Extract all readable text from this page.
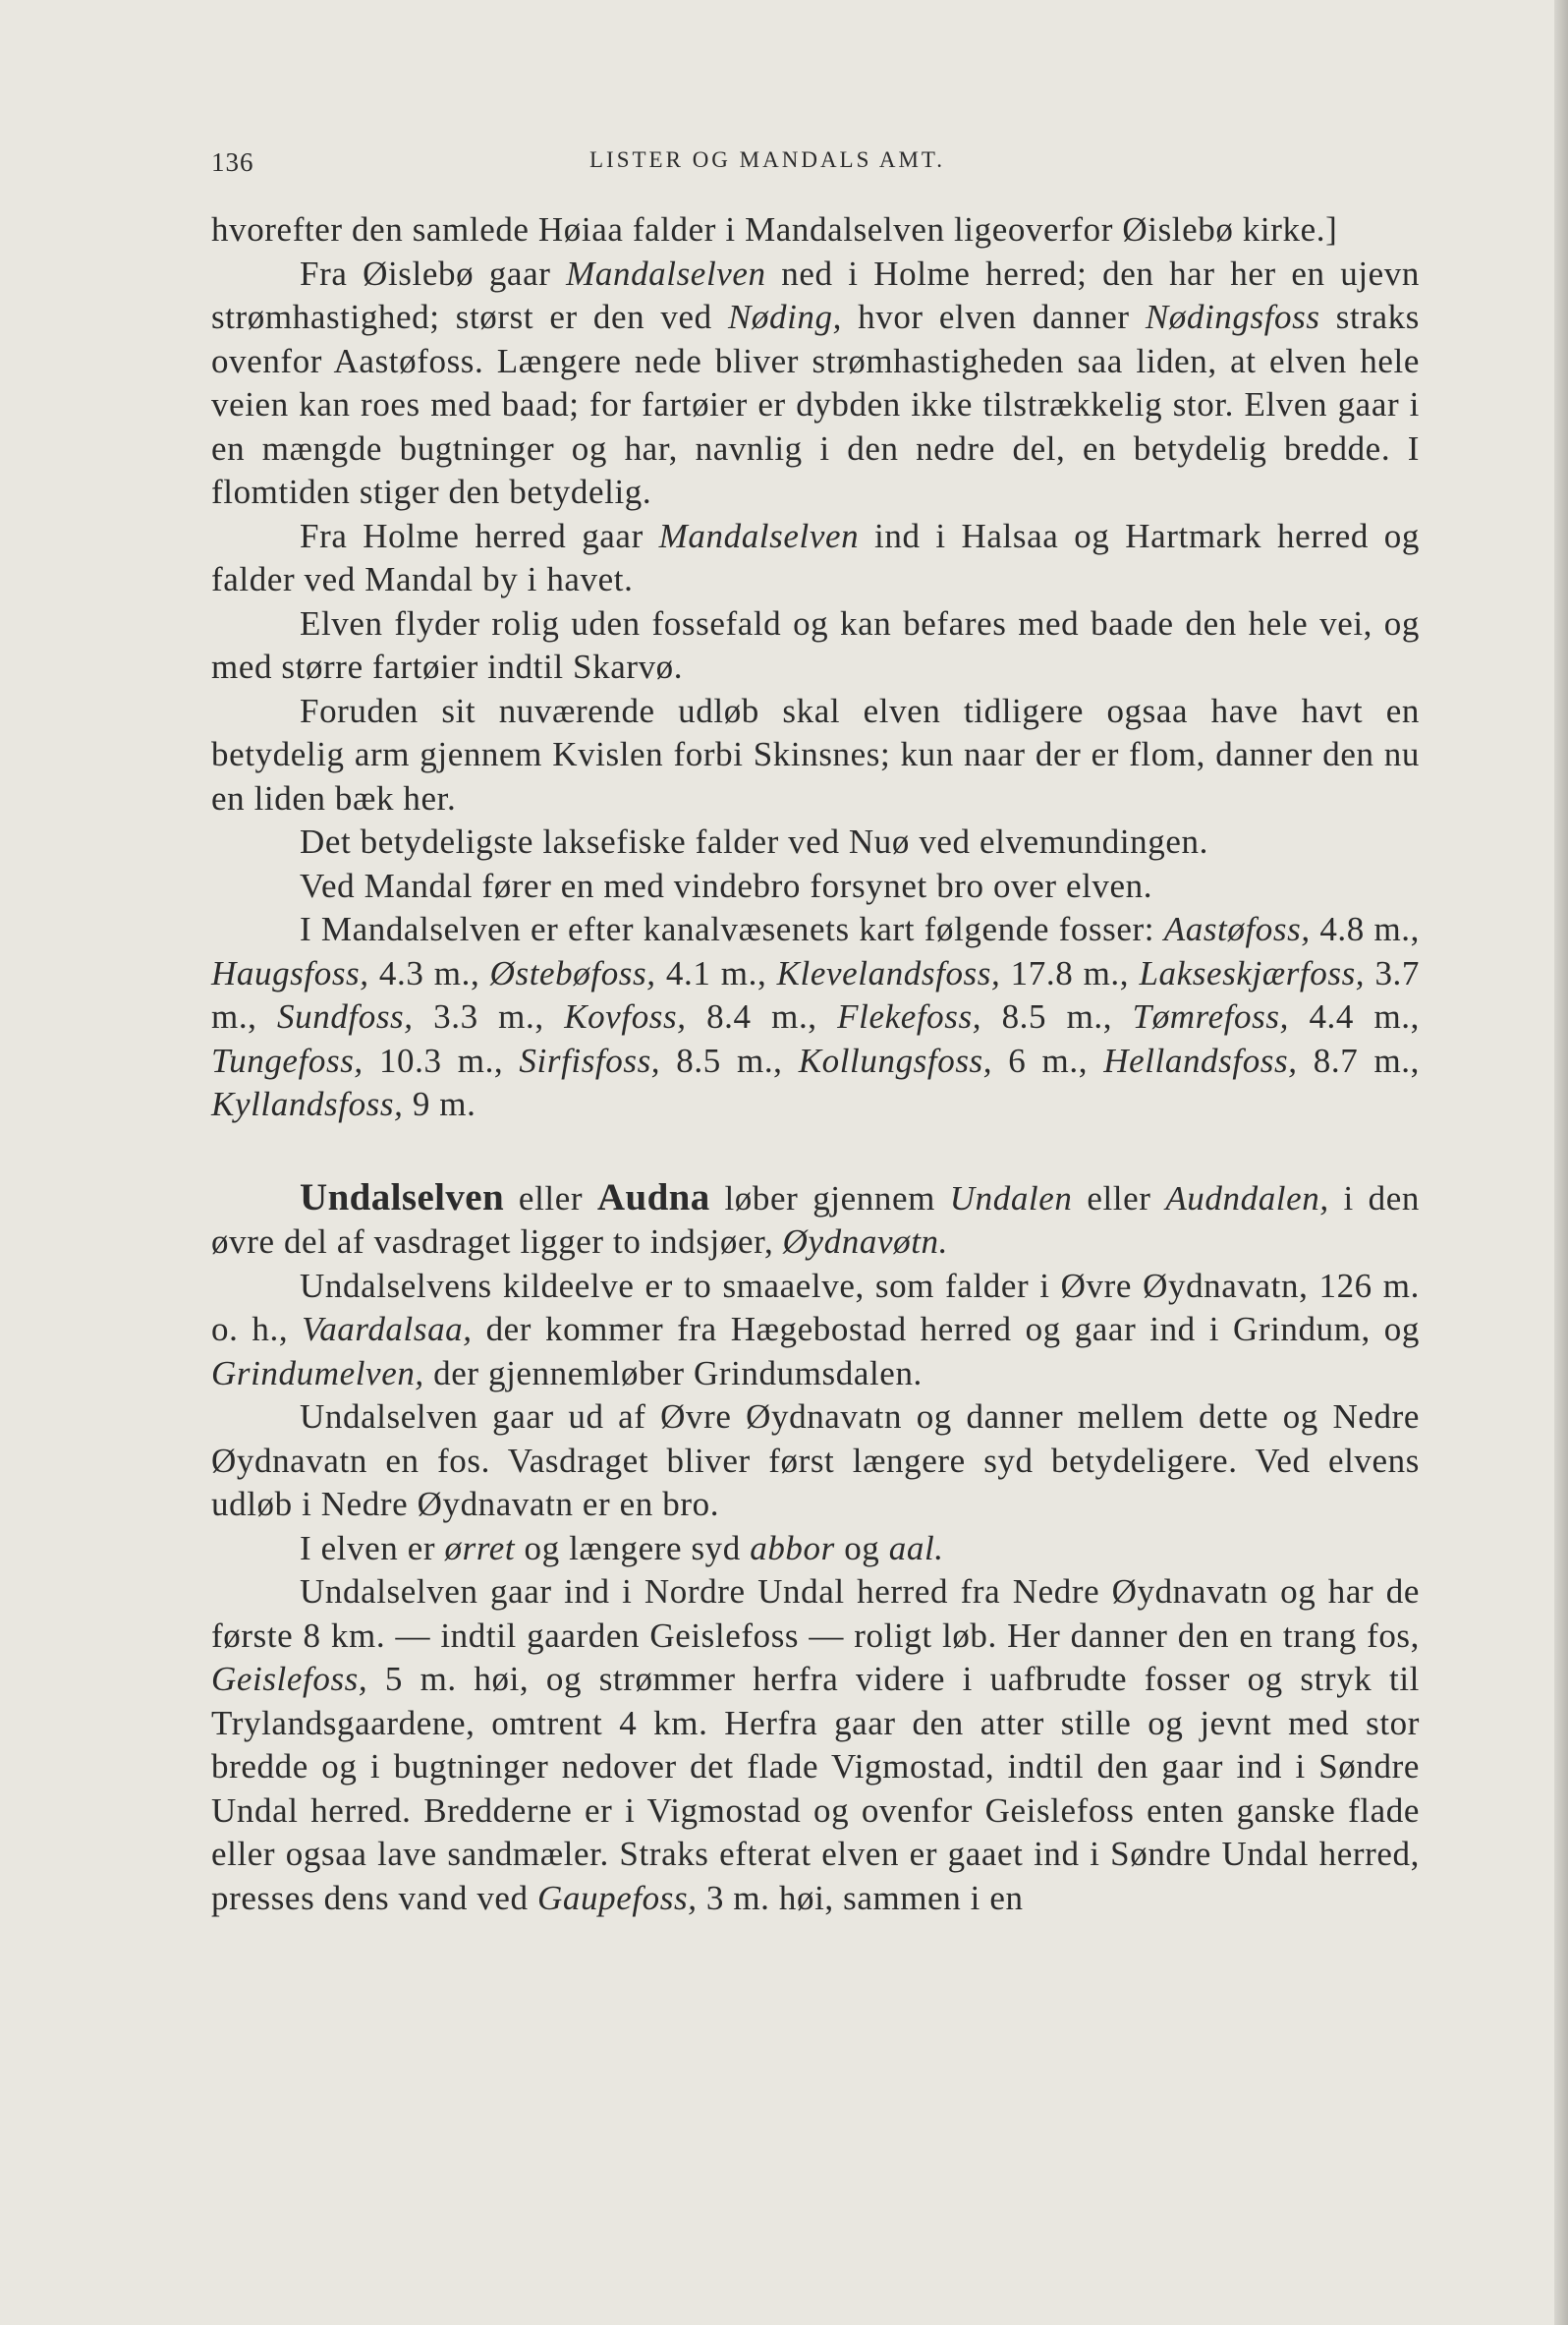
136	LISTER OG MANDALS AMT.

hvorefter den samlede Høiaa falder i Mandalselven ligeoverfor Øislebø kirke.]

Fra Øislebø gaar Mandalselven ned i Holme herred; den har her en ujevn strømhastighed; størst er den ved Nøding, hvor elven danner Nødingsfoss straks ovenfor Aastøfoss. Længere nede bliver strømhastigheden saa liden, at elven hele veien kan roes med baad; for fartøier er dybden ikke tilstrækkelig stor. Elven gaar i en mængde bugtninger og har, navnlig i den nedre del, en betydelig bredde. I flomtiden stiger den betydelig.

Fra Holme herred gaar Mandalselven ind i Halsaa og Hartmark herred og falder ved Mandal by i havet.

Elven flyder rolig uden fossefald og kan befares med baade den hele vei, og med større fartøier indtil Skarvø.

Foruden sit nuværende udløb skal elven tidligere ogsaa have havt en betydelig arm gjennem Kvislen forbi Skinsnes; kun naar der er flom, danner den nu en liden bæk her.

Det betydeligste laksefiske falder ved Nuø ved elvemundingen.

Ved Mandal fører en med vindebro forsynet bro over elven.

I Mandalselven er efter kanalvæsenets kart følgende fosser: Aastøfoss, 4.8 m., Haugsfoss, 4.3 m., Østebøfoss, 4.1 m., Klevelandsfoss, 17.8 m., Lakseskjærfoss, 3.7 m., Sundfoss, 3.3 m., Kovfoss, 8.4 m., Flekefoss, 8.5 m., Tømrefoss, 4.4 m., Tungefoss, 10.3 m., Sirfisfoss, 8.5 m., Kollungsfoss, 6 m., Hellandsfoss, 8.7 m., Kyllandsfoss, 9 m.

Undalselven eller Audna løber gjennem Undalen eller Audndalen, i den øvre del af vasdraget ligger to indsjøer, Øydnavøtn.

Undalselvens kildeelve er to smaaelve, som falder i Øvre Øydnavatn, 126 m. o. h., Vaardalsaa, der kommer fra Hægebostad herred og gaar ind i Grindum, og Grindumelven, der gjennemløber Grindumsdalen.

Undalselven gaar ud af Øvre Øydnavatn og danner mellem dette og Nedre Øydnavatn en fos. Vasdraget bliver først længere syd betydeligere. Ved elvens udløb i Nedre Øydnavatn er en bro.

I elven er ørret og længere syd abbor og aal.

Undalselven gaar ind i Nordre Undal herred fra Nedre Øydnavatn og har de første 8 km. — indtil gaarden Geislefoss — roligt løb. Her danner den en trang fos, Geislefoss, 5 m. høi, og strømmer herfra videre i uafbrudte fosser og stryk til Trylandsgaardene, omtrent 4 km. Herfra gaar den atter stille og jevnt med stor bredde og i bugtninger nedover det flade Vigmostad, indtil den gaar ind i Søndre Undal herred. Bredderne er i Vigmostad og ovenfor Geislefoss enten ganske flade eller ogsaa lave sandmæler. Straks efterat elven er gaaet ind i Søndre Undal herred, presses dens vand ved Gaupefoss, 3 m. høi, sammen i en
